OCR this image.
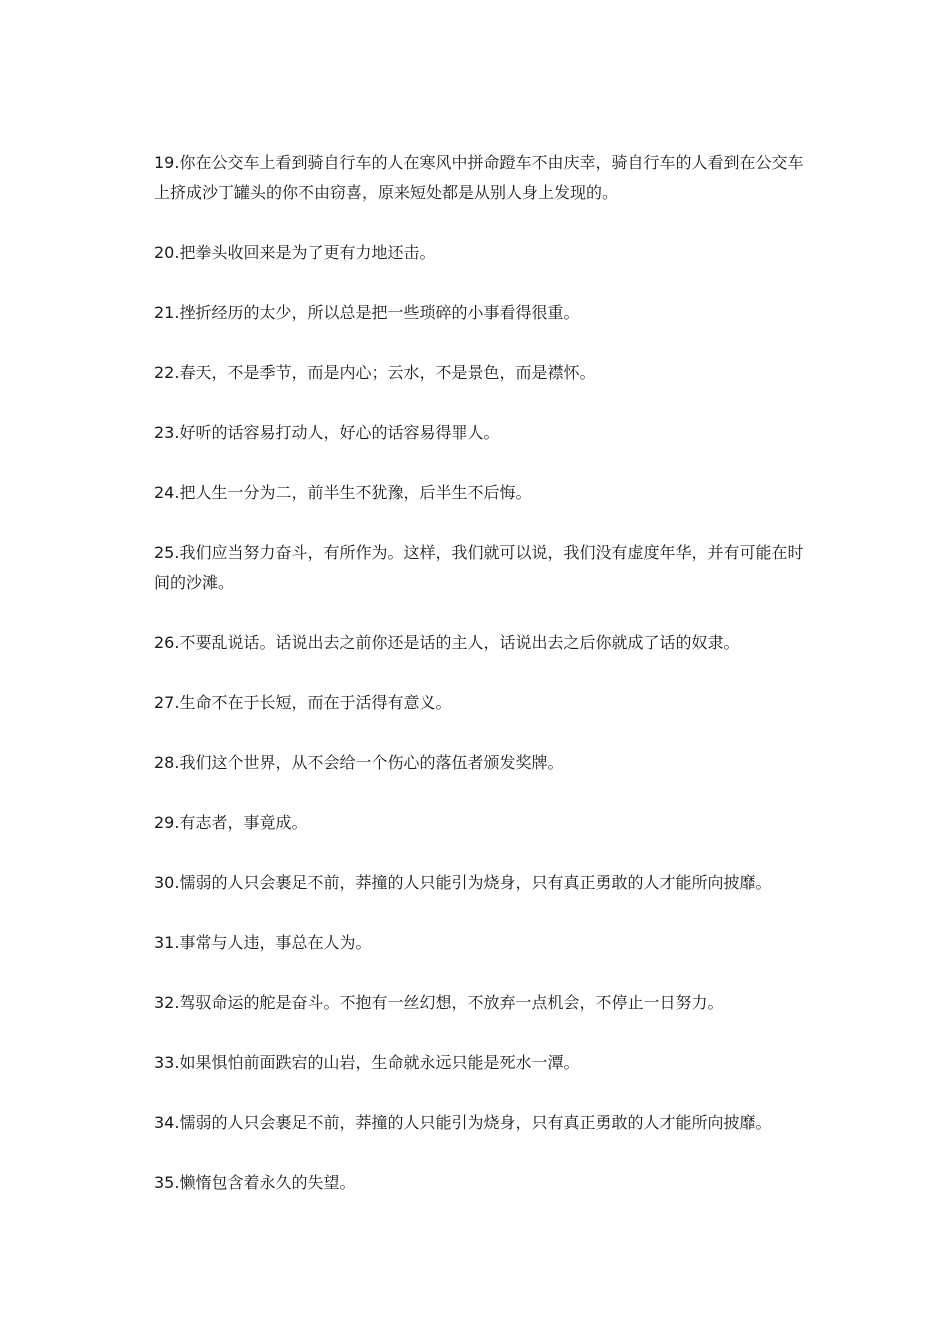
19.你在公交车上看到骑自行车的人在寒风中拼命蹬车不由庆幸，骑自行车的人看到在公交车上挤成沙丁罐头的你不由窃喜，原来短处都是从别人身上发现的。

20.把拳头收回来是为了更有力地还击。

21.挫折经历的太少，所以总是把一些琐碎的小事看得很重。

22.春天，不是季节，而是内心；云水，不是景色，而是襟怀。

23.好听的话容易打动人，好心的话容易得罪人。

24.把人生一分为二，前半生不犹豫，后半生不后悔。

25.我们应当努力奋斗，有所作为。这样，我们就可以说，我们没有虚度年华，并有可能在时间的沙滩。

26.不要乱说话。话说出去之前你还是话的主人，话说出去之后你就成了话的奴隶。

27.生命不在于长短，而在于活得有意义。

28.我们这个世界，从不会给一个伤心的落伍者颁发奖牌。

29.有志者，事竟成。

30.懦弱的人只会裹足不前，莽撞的人只能引为烧身，只有真正勇敢的人才能所向披靡。

31.事常与人违，事总在人为。

32.驾驭命运的舵是奋斗。不抱有一丝幻想，不放弃一点机会，不停止一日努力。

33.如果惧怕前面跌宕的山岩，生命就永远只能是死水一潭。

34.懦弱的人只会裹足不前，莽撞的人只能引为烧身，只有真正勇敢的人才能所向披靡。

35.懒惰包含着永久的失望。
